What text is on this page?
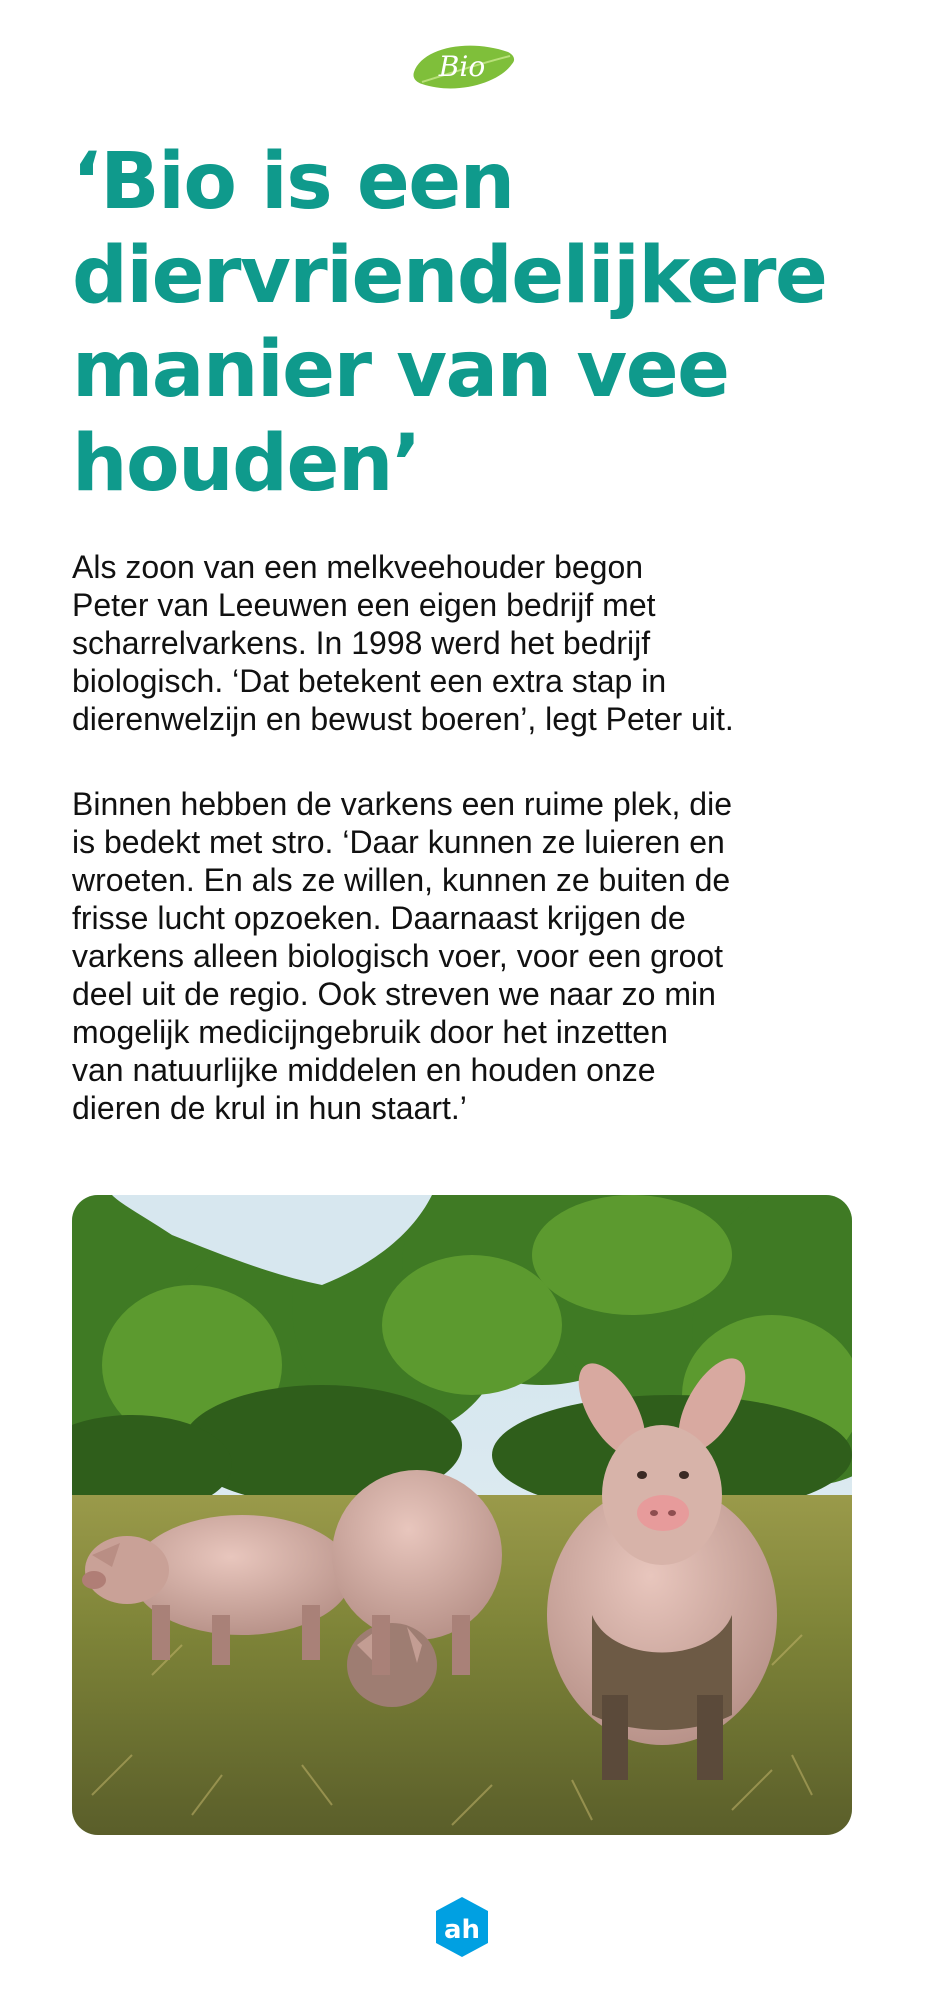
Bio
‘Bio is een
diervriendelijkere
manier van vee
houden’

Als zoon van een melkveehouder begon
Peter van Leeuwen een eigen bedrijf met
scharrelvarkens. In 1998 werd het bedrijf
biologisch. ‘Dat betekent een extra stap in
dierenwelzijn en bewust boeren’, legt Peter uit.

Binnen hebben de varkens een ruime plek, die
is bedekt met stro. ‘Daar kunnen ze luieren en
wroeten. En als ze willen, kunnen ze buiten de
frisse lucht opzoeken. Daarnaast krijgen de
varkens alleen biologisch voer, voor een groot
deel uit de regio. Ook streven we naar zo min
mogelijk medicijngebruik door het inzetten
van natuurlijke middelen en houden onze
dieren de krul in hun staart.’

ah
